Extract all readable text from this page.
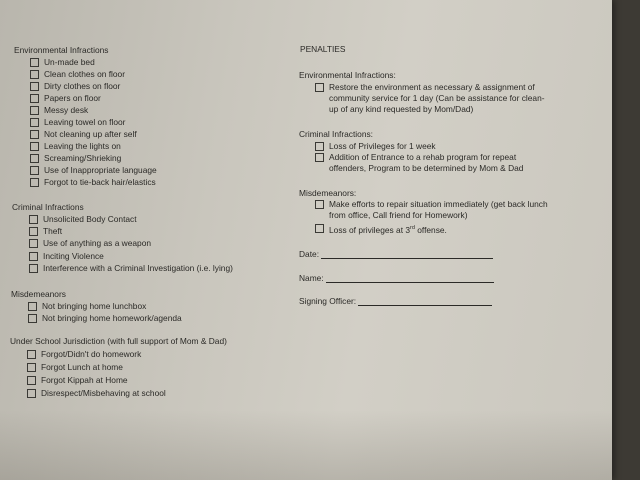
Environmental Infractions
Un-made bed
Clean clothes on floor
Dirty clothes on floor
Papers on floor
Messy desk
Leaving towel on floor
Not cleaning up after self
Leaving the lights on
Screaming/Shrieking
Use of Inappropriate language
Forgot to tie-back hair/elastics
Criminal Infractions
Unsolicited Body Contact
Theft
Use of anything as a weapon
Inciting Violence
Interference with a Criminal Investigation (i.e. lying)
Misdemeanors
Not bringing home lunchbox
Not bringing home homework/agenda
Under School Jurisdiction (with full support of Mom & Dad)
Forgot/Didn't do homework
Forgot Lunch at home
Forgot Kippah at Home
Disrespect/Misbehaving at school
PENALTIES
Environmental Infractions:
Restore the environment as necessary & assignment of community service for 1 day (Can be assistance for clean-up of any kind requested by Mom/Dad)
Criminal Infractions:
Loss of Privileges for 1 week
Addition of Entrance to a rehab program for repeat offenders, Program to be determined by Mom & Dad
Misdemeanors:
Make efforts to repair situation immediately (get back lunch from office, Call friend for Homework)
Loss of privileges at 3rd offense.
Date:
Name:
Signing Officer:
